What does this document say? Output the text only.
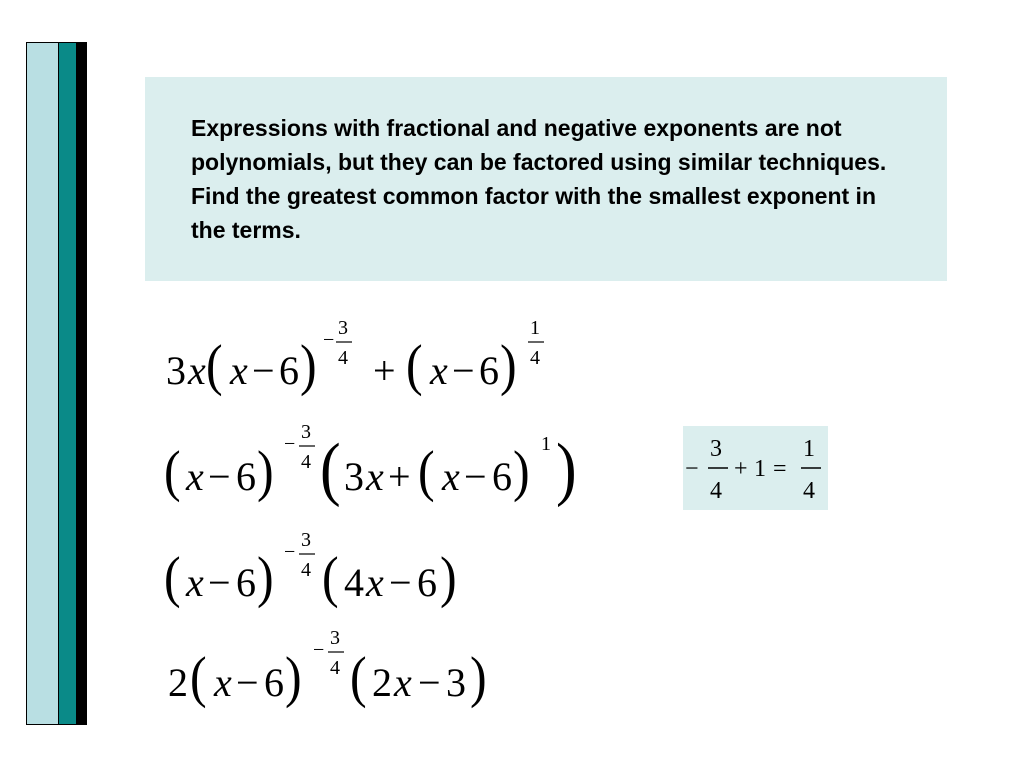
Expressions with fractional and negative exponents are not polynomials, but they can be factored using similar techniques. Find the greatest common factor with the smallest exponent in the terms.

3 x ( x − 6 ) −
3
4 + ( x − 6 )
1
4
( x − 6 ) −
3
4 ( 3 x + ( x − 6 ) 1 )
( x − 6 ) −
3
4 ( 4 x − 6 )
2 ( x − 6 ) −
3
4 ( 2 x − 3 )
−
3
4
+ 1 =
1
4
